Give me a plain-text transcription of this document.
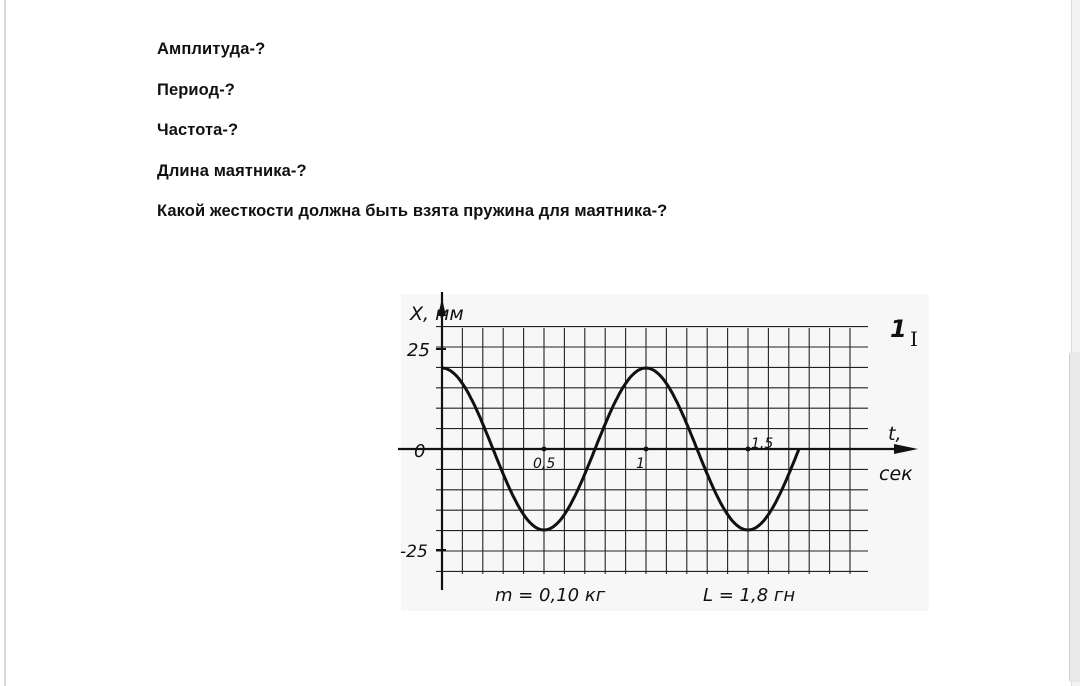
Амплитуда-?
Период-?
Частота-?
Длина маятника-?
Какой жесткости должна быть взята пружина для маятника-?
X, мм
25
0
-25
0,5	1
1,5	t,
сек
1 I
m = 0,10 кг	L = 1,8 гн
